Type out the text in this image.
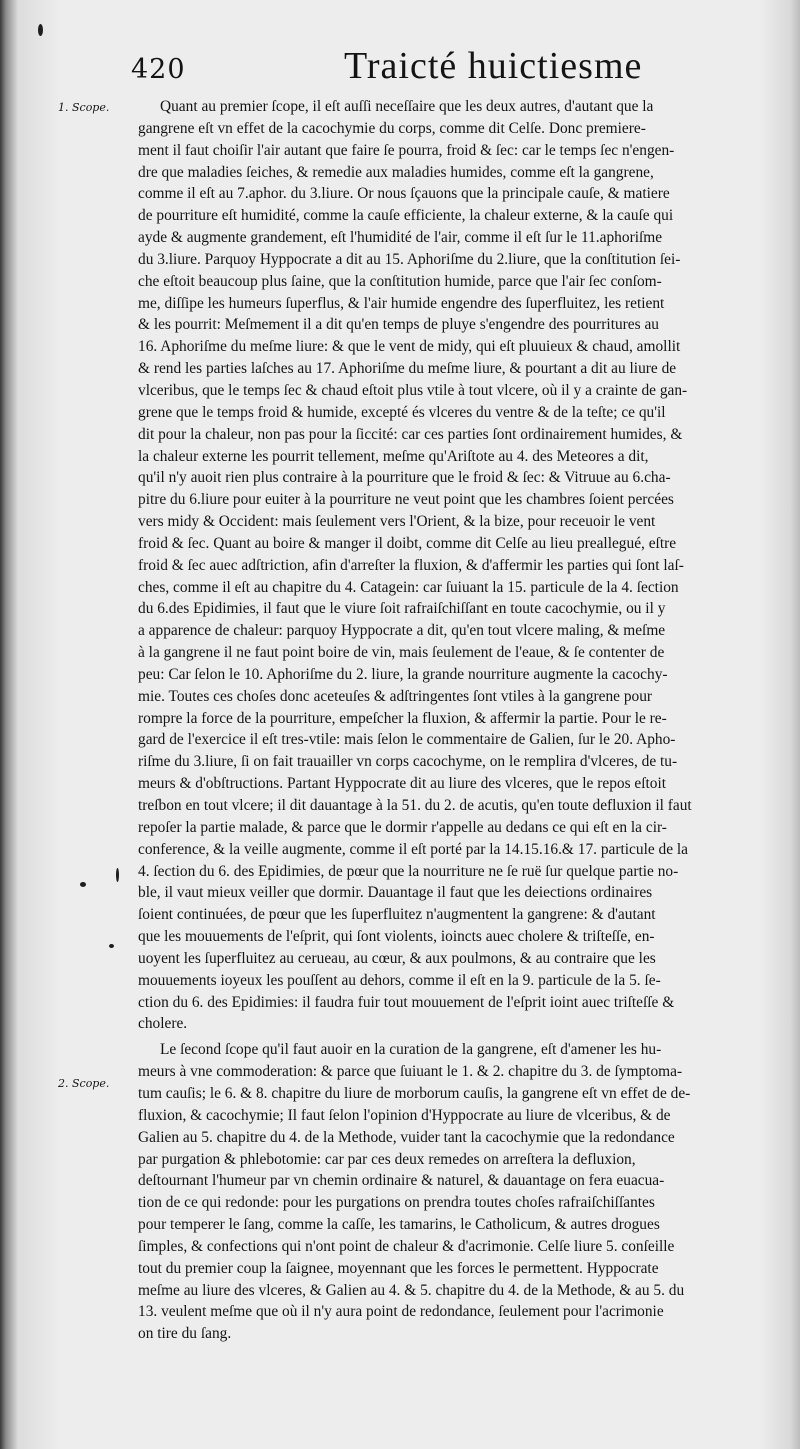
420	Traicté huictiesme
1. Scope.
2. Scope.
Quant au premier ſcope, il eſt auſſi neceſſaire que les deux autres, d'autant que la
gangrene eſt vn effet de la cacochymie du corps, comme dit Celſe. Donc premiere-
ment il faut choiſir l'air autant que faire ſe pourra, froid & ſec: car le temps ſec n'engen-
dre que maladies ſeiches, & remedie aux maladies humides, comme eſt la gangrene,
comme il eſt au 7.aphor. du 3.liure. Or nous ſçauons que la principale cauſe, & matiere
de pourriture eſt humidité, comme la cauſe efficiente, la chaleur externe, & la cauſe qui
ayde & augmente grandement, eſt l'humidité de l'air, comme il eſt ſur le 11.aphoriſme
du 3.liure. Parquoy Hyppocrate a dit au 15. Aphoriſme du 2.liure, que la conſtitution ſei-
che eſtoit beaucoup plus ſaine, que la conſtitution humide, parce que l'air ſec conſom-
me, diſſipe les humeurs ſuperflus, & l'air humide engendre des ſuperfluitez, les retient
& les pourrit: Meſmement il a dit qu'en temps de pluye s'engendre des pourritures au
16. Aphoriſme du meſme liure: & que le vent de midy, qui eſt pluuieux & chaud, amollit
& rend les parties laſches au 17. Aphoriſme du meſme liure, & pourtant a dit au liure de
vlceribus, que le temps ſec & chaud eſtoit plus vtile à tout vlcere, où il y a crainte de gan-
grene que le temps froid & humide, excepté és vlceres du ventre & de la teſte; ce qu'il
dit pour la chaleur, non pas pour la ſiccité: car ces parties ſont ordinairement humides, &
la chaleur externe les pourrit tellement, meſme qu'Ariſtote au 4. des Meteores a dit,
qu'il n'y auoit rien plus contraire à la pourriture que le froid & ſec: & Vitruue au 6.cha-
pitre du 6.liure pour euiter à la pourriture ne veut point que les chambres ſoient percées
vers midy & Occident: mais ſeulement vers l'Orient, & la bize, pour receuoir le vent
froid & ſec. Quant au boire & manger il doibt, comme dit Celſe au lieu preallegué, eſtre
froid & ſec auec adſtriction, afin d'arreſter la fluxion, & d'affermir les parties qui ſont laſ-
ches, comme il eſt au chapitre du 4. Catagein: car ſuiuant la 15. particule de la 4. ſection
du 6.des Epidimies, il faut que le viure ſoit rafraiſchiſſant en toute cacochymie, ou il y
a apparence de chaleur: parquoy Hyppocrate a dit, qu'en tout vlcere maling, & meſme
à la gangrene il ne faut point boire de vin, mais ſeulement de l'eaue, & ſe contenter de
peu: Car ſelon le 10. Aphoriſme du 2. liure, la grande nourriture augmente la cacochy-
mie. Toutes ces choſes donc aceteuſes & adſtringentes ſont vtiles à la gangrene pour
rompre la force de la pourriture, empeſcher la fluxion, & affermir la partie. Pour le re-
gard de l'exercice il eſt tres-vtile: mais ſelon le commentaire de Galien, ſur le 20. Apho-
riſme du 3.liure, ſi on fait trauailler vn corps cacochyme, on le remplira d'vlceres, de tu-
meurs & d'obſtructions. Partant Hyppocrate dit au liure des vlceres, que le repos eſtoit
treſbon en tout vlcere; il dit dauantage à la 51. du 2. de acutis, qu'en toute defluxion il faut
repoſer la partie malade, & parce que le dormir r'appelle au dedans ce qui eſt en la cir-
conference, & la veille augmente, comme il eſt porté par la 14.15.16.& 17. particule de la
4. ſection du 6. des Epidimies, de pœur que la nourriture ne ſe ruë ſur quelque partie no-
ble, il vaut mieux veiller que dormir. Dauantage il faut que les deiections ordinaires
ſoient continuées, de pœur que les ſuperfluitez n'augmentent la gangrene: & d'autant
que les mouuements de l'eſprit, qui ſont violents, ioincts auec cholere & triſteſſe, en-
uoyent les ſuperfluitez au cerueau, au cœur, & aux poulmons, & au contraire que les
mouuements ioyeux les pouſſent au dehors, comme il eſt en la 9. particule de la 5. ſe-
ction du 6. des Epidimies: il faudra fuir tout mouuement de l'eſprit ioint auec triſteſſe &
cholere.
Le ſecond ſcope qu'il faut auoir en la curation de la gangrene, eſt d'amener les hu-
meurs à vne commoderation: & parce que ſuiuant le 1. & 2. chapitre du 3. de ſymptoma-
tum cauſis; le 6. & 8. chapitre du liure de morborum cauſis, la gangrene eſt vn effet de de-
fluxion, & cacochymie; Il faut ſelon l'opinion d'Hyppocrate au liure de vlceribus, & de
Galien au 5. chapitre du 4. de la Methode, vuider tant la cacochymie que la redondance
par purgation & phlebotomie: car par ces deux remedes on arreſtera la defluxion,
deſtournant l'humeur par vn chemin ordinaire & naturel, & dauantage on fera euacua-
tion de ce qui redonde: pour les purgations on prendra toutes choſes rafraiſchiſſantes
pour temperer le ſang, comme la caſſe, les tamarins, le Catholicum, & autres drogues
ſimples, & confections qui n'ont point de chaleur & d'acrimonie. Celſe liure 5. conſeille
tout du premier coup la ſaignee, moyennant que les forces le permettent. Hyppocrate
meſme au liure des vlceres, & Galien au 4. & 5. chapitre du 4. de la Methode, & au 5. du
13. veulent meſme que où il n'y aura point de redondance, ſeulement pour l'acrimonie
on tire du ſang.
